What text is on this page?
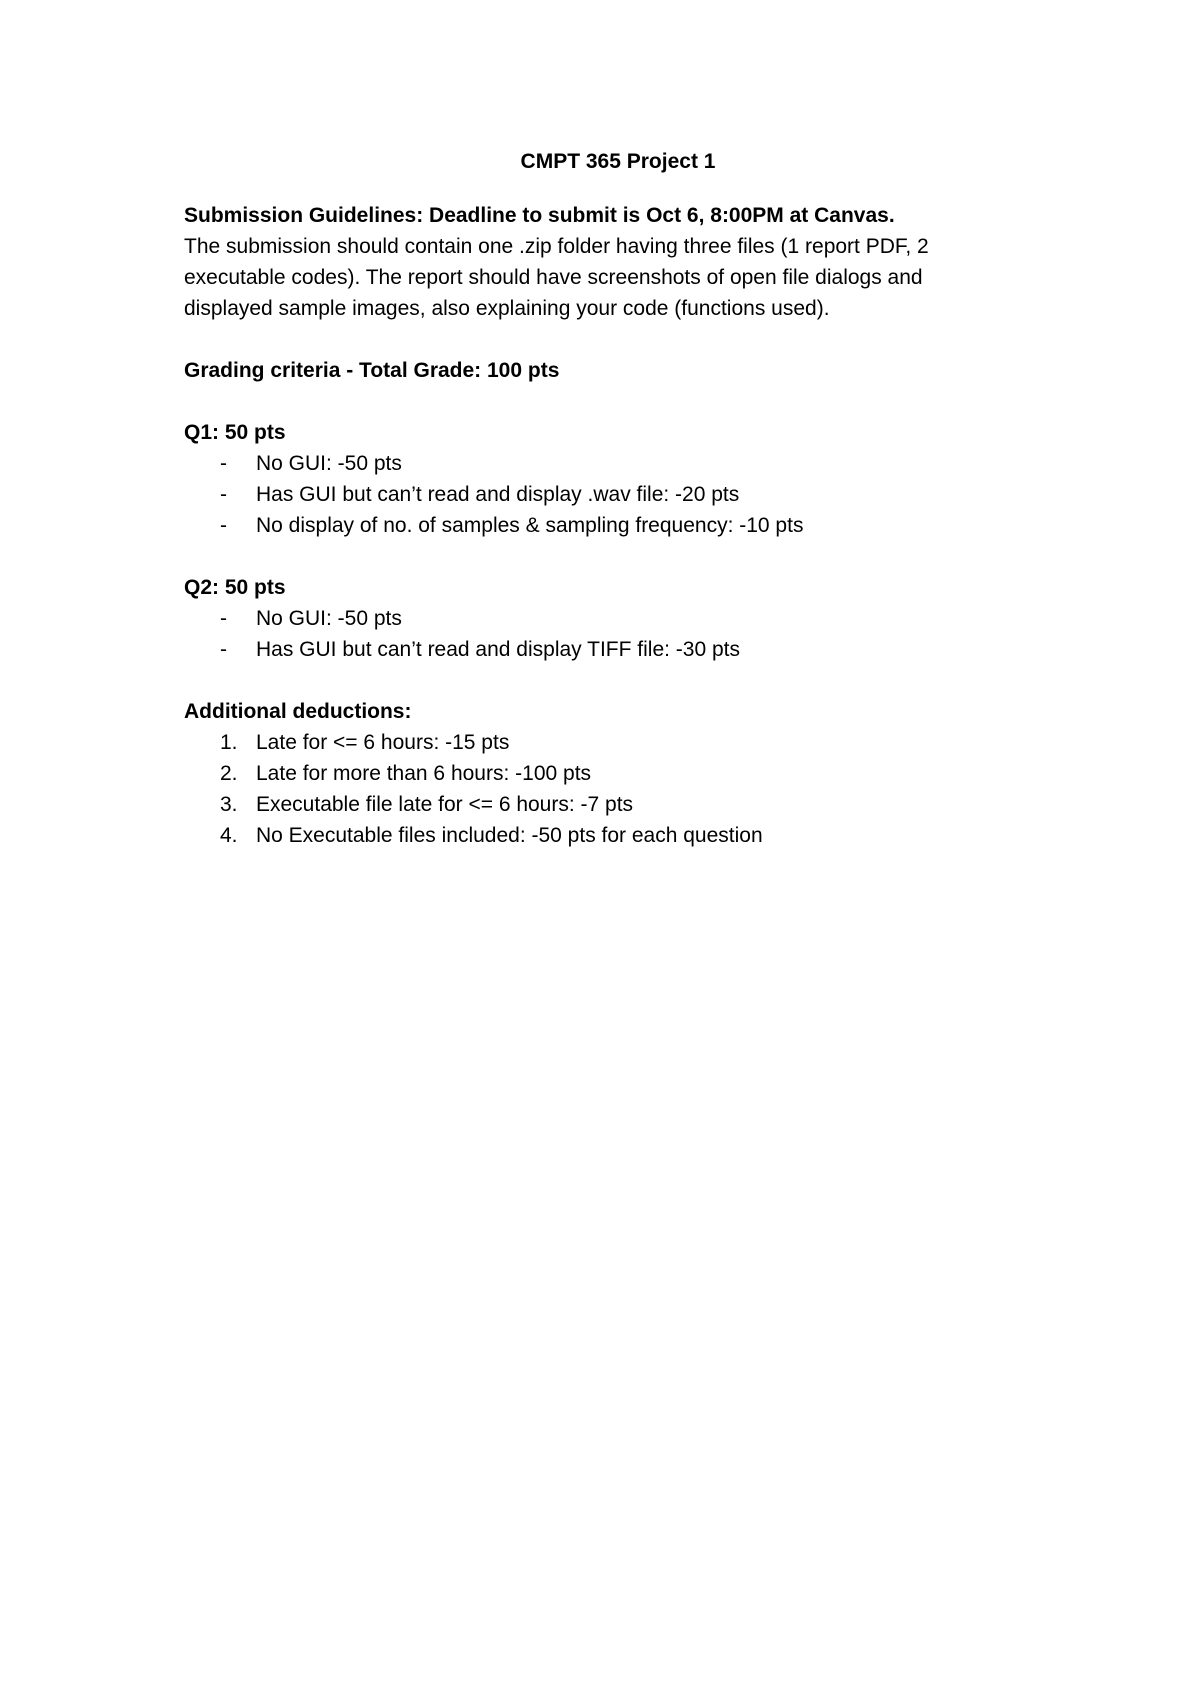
CMPT 365 Project 1

Submission Guidelines: Deadline to submit is Oct 6, 8:00PM at Canvas.

The submission should contain one .zip folder having three files (1 report PDF, 2

executable codes). The report should have screenshots of open file dialogs and

displayed sample images, also explaining your code (functions used).

Grading criteria - Total Grade: 100 pts

Q1: 50 pts

-	No GUI: -50 pts
-	Has GUI but can’t read and display .wav file: -20 pts
-	No display of no. of samples & sampling frequency: -10 pts

Q2: 50 pts

-	No GUI: -50 pts
-	Has GUI but can’t read and display TIFF file: -30 pts

Additional deductions:

1. Late for <= 6 hours: -15 pts
2. Late for more than 6 hours: -100 pts
3. Executable file late for <= 6 hours: -7 pts
4. No Executable files included: -50 pts for each question
